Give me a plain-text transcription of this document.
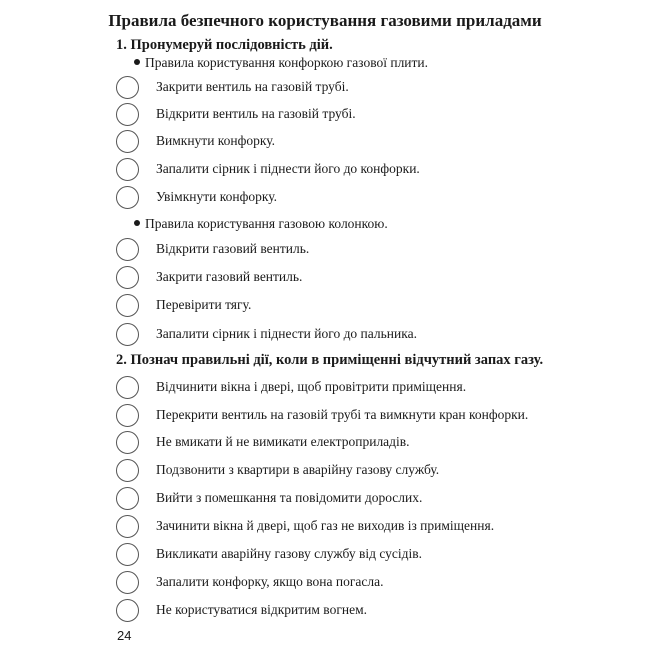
Правила безпечного користування газовими приладами
1. Пронумеруй послідовність дій.
Правила користування конфоркою газової плити.
Закрити вентиль на газовій трубі.
Відкрити вентиль на газовій трубі.
Вимкнути конфорку.
Запалити сірник і піднести його до конфорки.
Увімкнути конфорку.
Правила користування газовою колонкою.
Відкрити газовий вентиль.
Закрити газовий вентиль.
Перевірити тягу.
Запалити сірник і піднести його до пальника.
2. Познач правильні дії, коли в приміщенні відчутний запах газу.
Відчинити вікна і двері, щоб провітрити приміщення.
Перекрити вентиль на газовій трубі та вимкнути кран конфорки.
Не вмикати й не вимикати електроприладів.
Подзвонити з квартири в аварійну газову службу.
Вийти з помешкання та повідомити дорослих.
Зачинити вікна й двері, щоб газ не виходив із приміщення.
Викликати аварійну газову службу від сусідів.
Запалити конфорку, якщо вона погасла.
Не користуватися відкритим вогнем.
24
